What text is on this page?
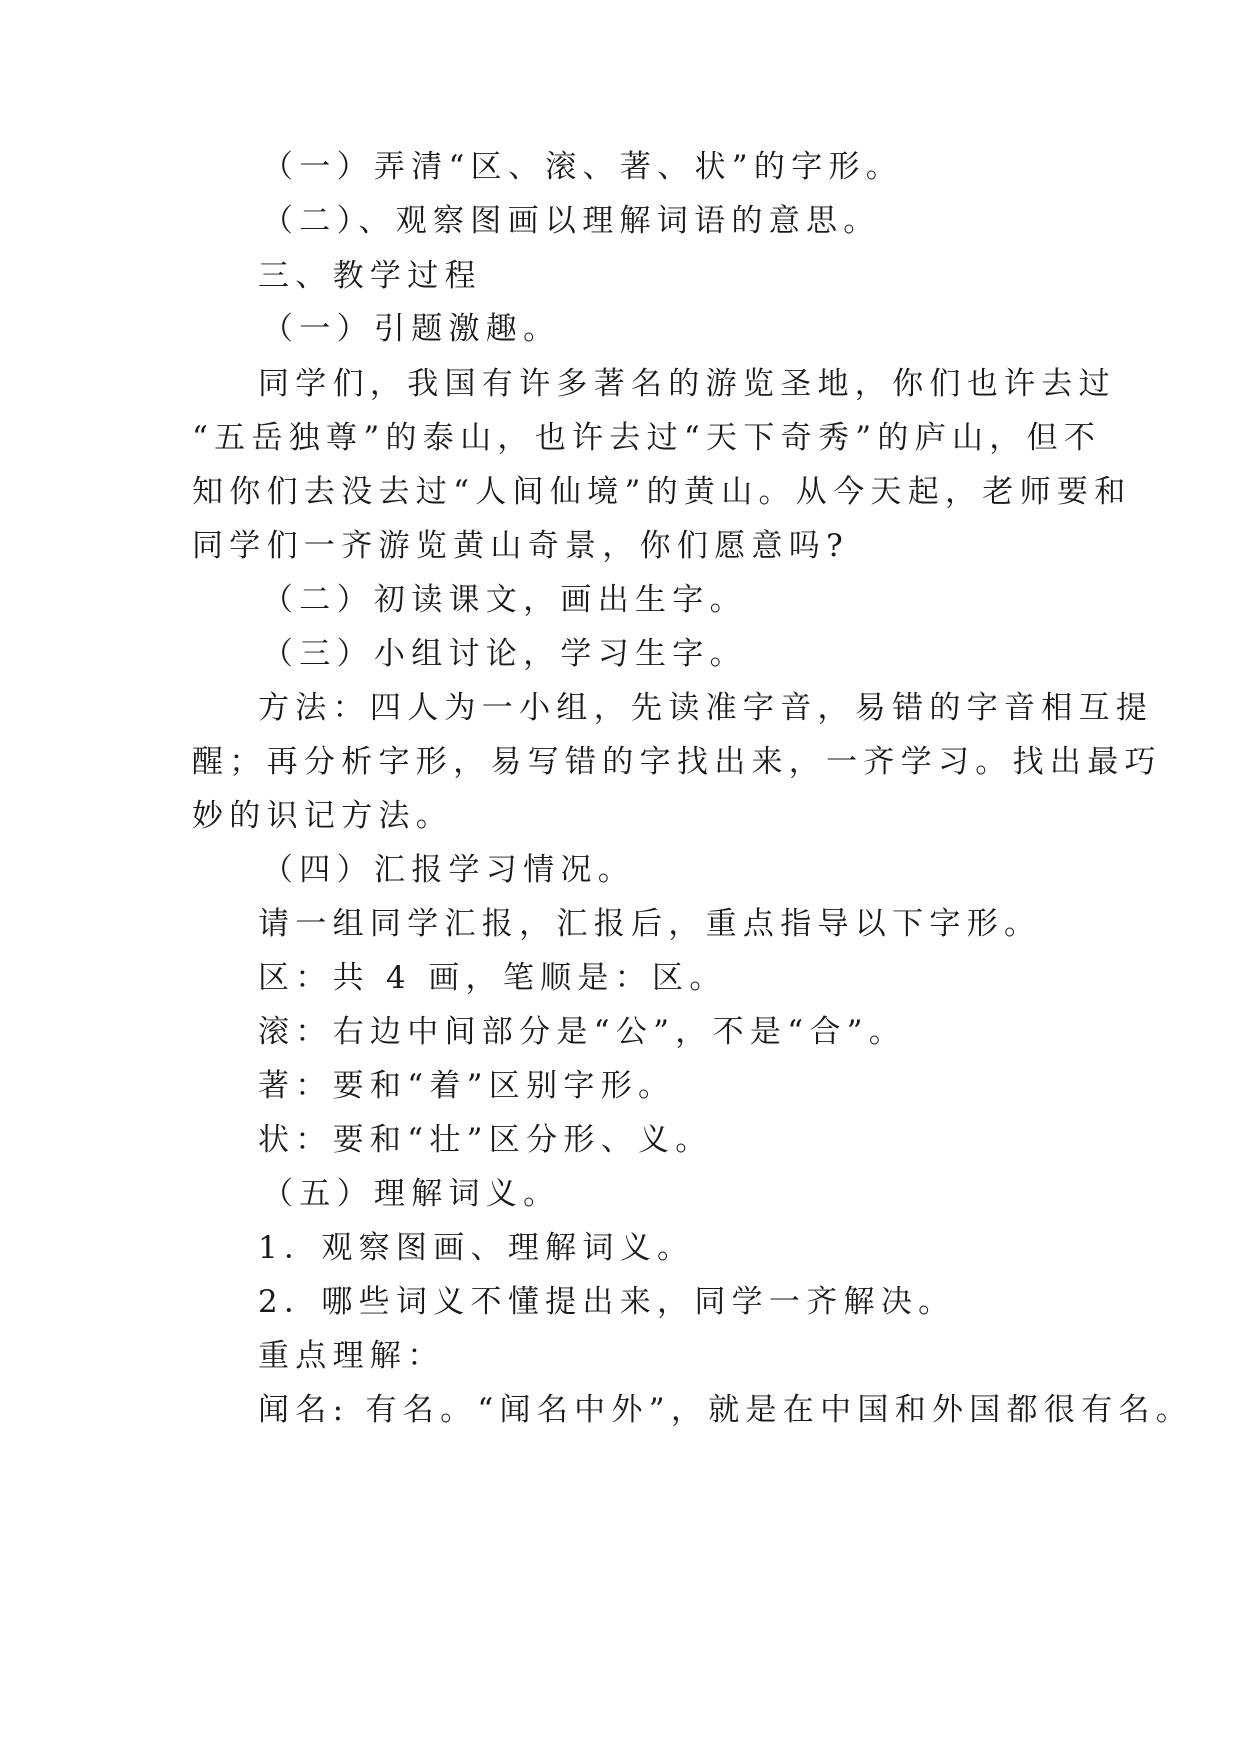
（一）弄清“区、滚、著、状”的字形。
（二）、观察图画以理解词语的意思。
三、教学过程
（一）引题激趣。
同学们，我国有许多著名的游览圣地，你们也许去过
“五岳独尊”的泰山，也许去过“天下奇秀”的庐山，但不
知你们去没去过“人间仙境”的黄山。从今天起，老师要和
同学们一齐游览黄山奇景，你们愿意吗?
（二）初读课文，画出生字。
（三）小组讨论，学习生字。
方法：四人为一小组，先读准字音，易错的字音相互提
醒；再分析字形，易写错的字找出来，一齐学习。找出最巧
妙的识记方法。
（四）汇报学习情况。
请一组同学汇报，汇报后，重点指导以下字形。
区：共 4 画，笔顺是：区。
滚：右边中间部分是“公”，不是“合”。
著：要和“着”区别字形。
状：要和“壮”区分形、义。
（五）理解词义。
1．观察图画、理解词义。
2．哪些词义不懂提出来，同学一齐解决。
重点理解：
闻名: 有名。“闻名中外”，就是在中国和外国都很有名。
